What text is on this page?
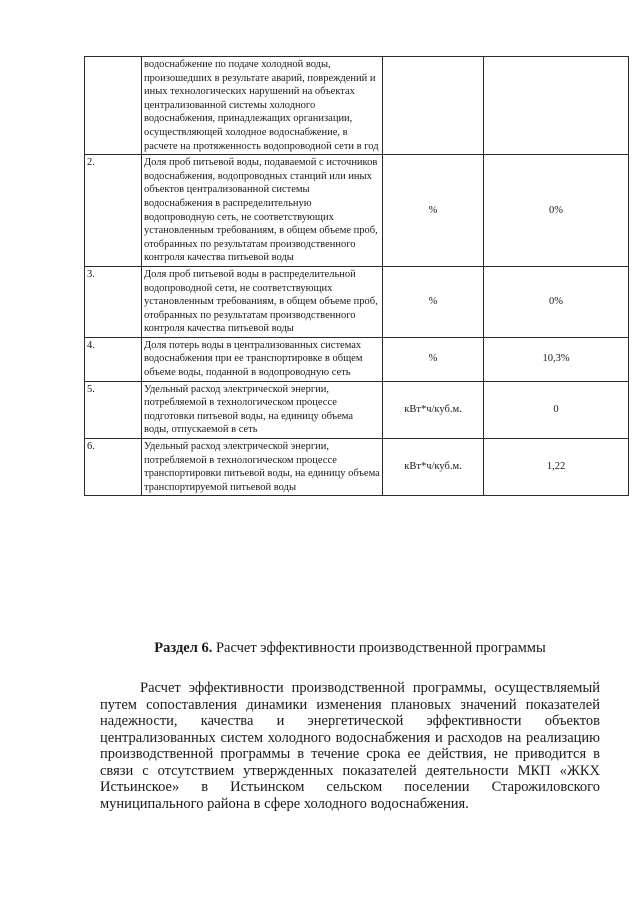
	водоснабжение по подаче холодной воды, произошедших в результате аварий, повреждений и иных технологических нарушений на объектах централизованной системы холодного водоснабжения, принадлежащих организации, осуществляющей холодное водоснабжение, в расчете на протяженность водопроводной сети в год		
2.	Доля проб питьевой воды, подаваемой с источников водоснабжения, водопроводных станций или иных объектов централизованной системы водоснабжения в распределительную водопроводную сеть, не соответствующих установленным требованиям, в общем объеме проб, отобранных по результатам производственного контроля качества питьевой воды	%	0%
3.	Доля проб питьевой воды в распределительной водопроводной сети, не соответствующих установленным требованиям, в общем объеме проб, отобранных по результатам производственного контроля качества питьевой воды	%	0%
4.	Доля потерь воды в централизованных системах водоснабжения при ее транспортировке в общем объеме воды, поданной в водопроводную сеть	%	10,3%
5.	Удельный расход электрической энергии, потребляемой в технологическом процессе подготовки питьевой воды, на единицу объема воды, отпускаемой в сеть	кВт*ч/куб.м.	0
6.	Удельный расход электрической энергии, потребляемой в технологическом процессе транспортировки питьевой воды, на единицу объема транспортируемой питьевой воды	кВт*ч/куб.м.	1,22
Раздел 6. Расчет эффективности производственной программы

Расчет эффективности производственной программы, осуществляемый путем сопоставления динамики изменения плановых значений показателей надежности, качества и энергетической эффективности объектов централизованных систем холодного водоснабжения и расходов на реализацию производственной программы в течение срока ее действия, не приводится в связи с отсутствием утвержденных показателей деятельности МКП «ЖКХ Истьинское» в Истьинском сельском поселении Старожиловского муниципального района в сфере холодного водоснабжения.
